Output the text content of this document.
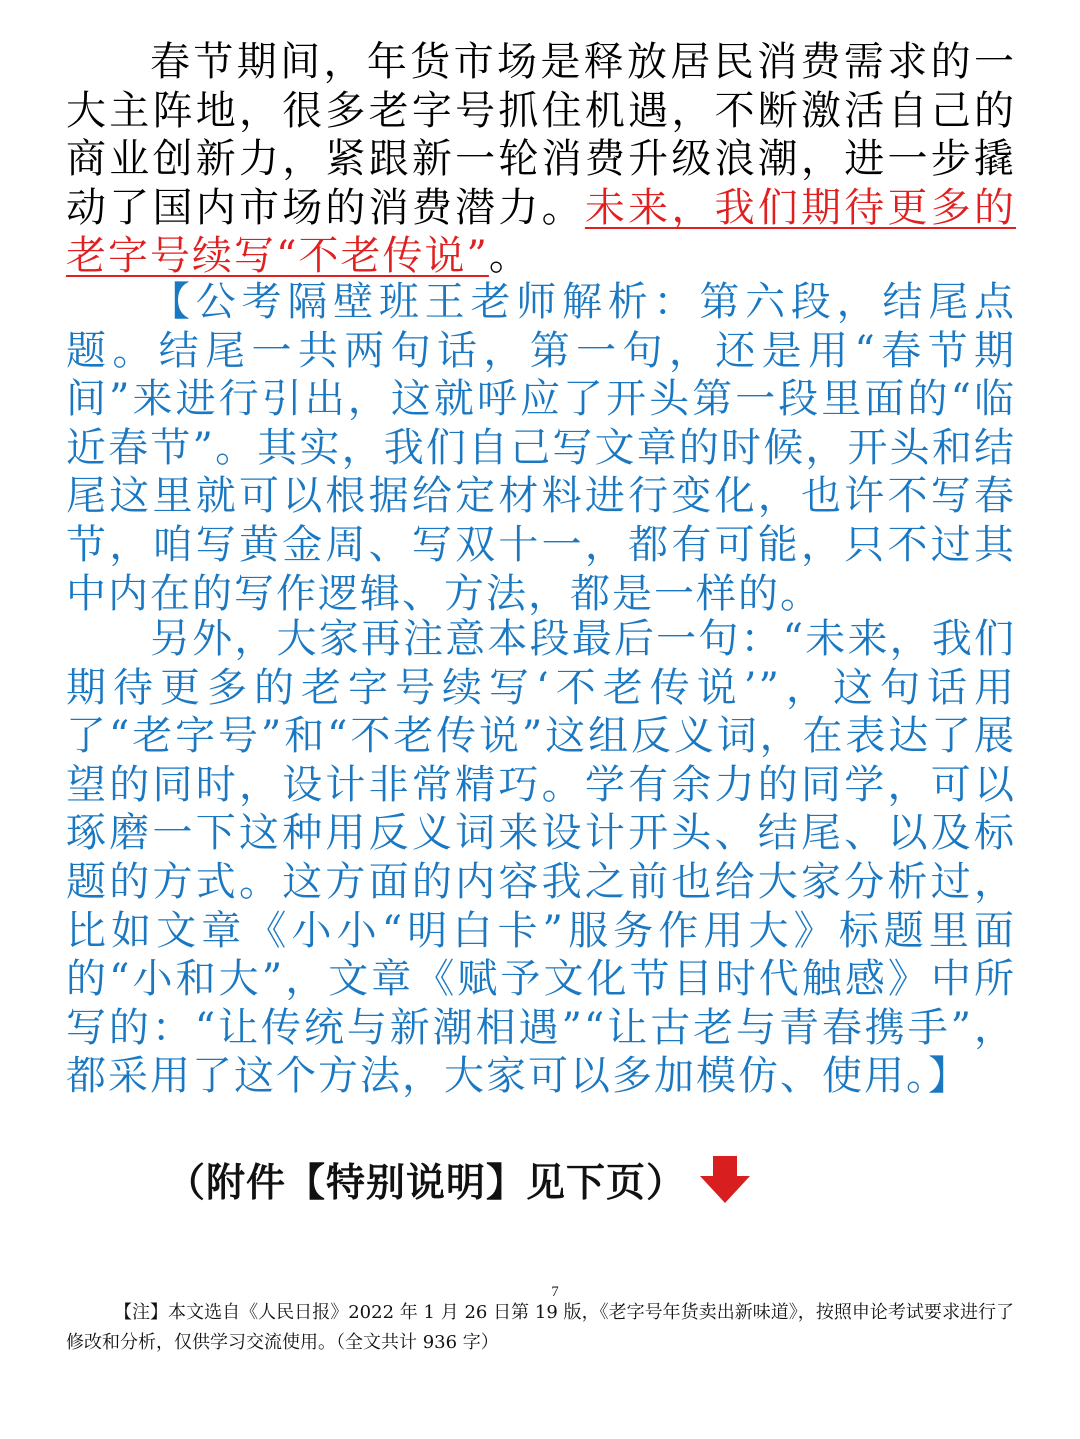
春节期间，年货市场是释放居民消费需求的一大主阵地，很多老字号抓住机遇，不断激活自己的商业创新力，紧跟新一轮消费升级浪潮，进一步撬动了国内市场的消费潜力。未来，我们期待更多的老字号续写“不老传说”。

【公考隔壁班王老师解析：第六段，结尾点题。结尾一共两句话，第一句，还是用“春节期间”来进行引出，这就呼应了开头第一段里面的“临近春节”。其实，我们自己写文章的时候，开头和结尾这里就可以根据给定材料进行变化，也许不写春节，咱写黄金周、写双十一，都有可能，只不过其中内在的写作逻辑、方法，都是一样的。

另外，大家再注意本段最后一句：“未来，我们期待更多的老字号续写‘不老传说’”，这句话用了“老字号”和“不老传说”这组反义词，在表达了展望的同时，设计非常精巧。学有余力的同学，可以琢磨一下这种用反义词来设计开头、结尾、以及标题的方式。这方面的内容我之前也给大家分析过，比如文章《小小“明白卡”服务作用大》标题里面的“小和大”，文章《赋予文化节目时代触感》中所写的：“让传统与新潮相遇”“让古老与青春携手”，都采用了这个方法，大家可以多加模仿、使用。】

（附件【特别说明】见下页）
7

【注】本文选自《人民日报》2022 年 1 月 26 日第 19 版，《老字号年货卖出新味道》，按照申论考试要求进行了修改和分析，仅供学习交流使用。（全文共计 936 字）
